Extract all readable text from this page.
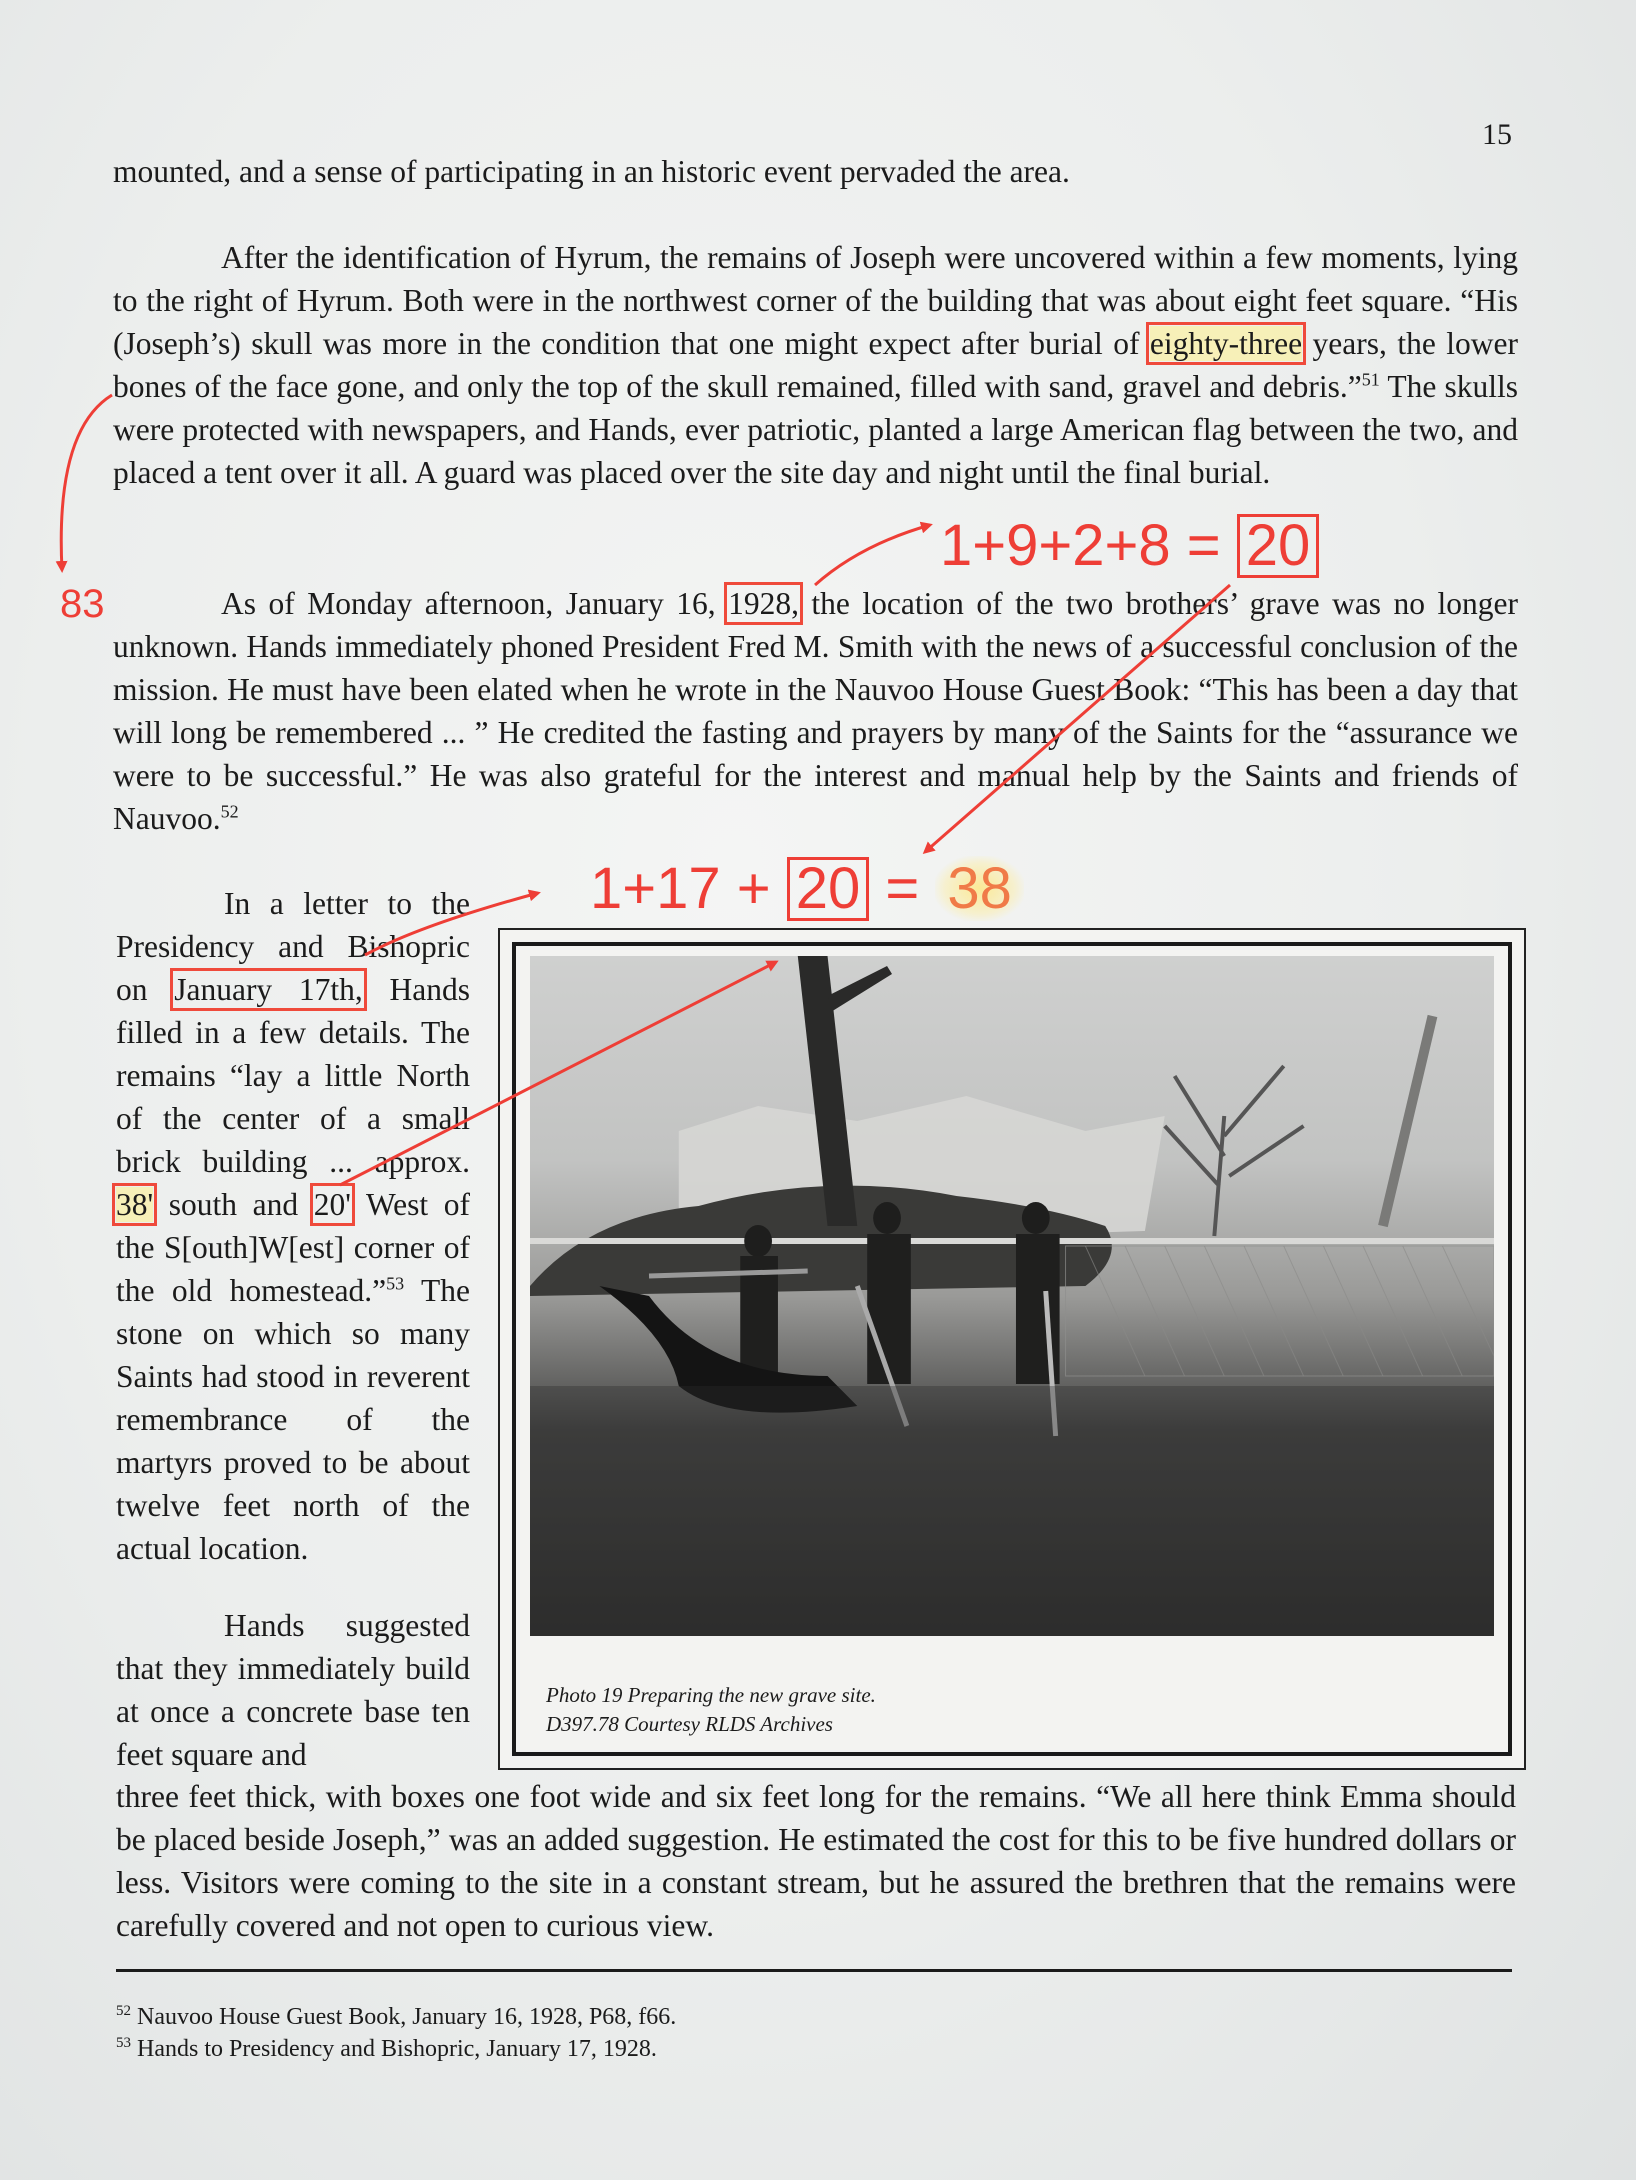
15

mounted, and a sense of participating in an historic event pervaded the area.

After the identification of Hyrum, the remains of Joseph were uncovered within a few moments, lying to the right of Hyrum. Both were in the northwest corner of the building that was about eight feet square. “His (Joseph’s) skull was more in the condition that one might expect after burial of eighty-three years, the lower bones of the face gone, and only the top of the skull remained, filled with sand, gravel and debris.”$^{51}$ The skulls were protected with newspapers, and Hands, ever patriotic, planted a large American flag between the two, and placed a tent over it all. A guard was placed over the site day and night until the final burial.

As of Monday afternoon, January 16, 1928, the location of the two brothers’ grave was no longer unknown. Hands immediately phoned President Fred M. Smith with the news of a successful conclusion of the mission. He must have been elated when he wrote in the Nauvoo House Guest Book: “This has been a day that will long be remembered ... ” He credited the fasting and prayers by many of the Saints for the “assurance we were to be successful.” He was also grateful for the interest and manual help by the Saints and friends of Nauvoo.$^{52}$

In a letter to the Presidency and Bishopric on January 17th, Hands filled in a few details. The remains “lay a little North of the center of a small brick building ... approx. 38' south and 20' West of the S[outh]W[est] corner of the old homestead.”$^{53}$ The stone on which so many Saints had stood in reverent remembrance of the martyrs proved to be about twelve feet north of the actual location.

Hands suggested that they immediately build at once a concrete base ten feet square and

three feet thick, with boxes one foot wide and six feet long for the remains. “We all here think Emma should be placed beside Joseph,” was an added suggestion. He estimated the cost for this to be five hundred dollars or less. Visitors were coming to the site in a constant stream, but he assured the brethren that the remains were carefully covered and not open to curious view.

Photo 19 Preparing the new grave site.
D397.78 Courtesy RLDS Archives
$^{52}$ Nauvoo House Guest Book, January 16, 1928, P68, f66.
$^{53}$ Hands to Presidency and Bishopric, January 17, 1928.
83
1+9+2+8 = 20
1+17 + 20 = 38
